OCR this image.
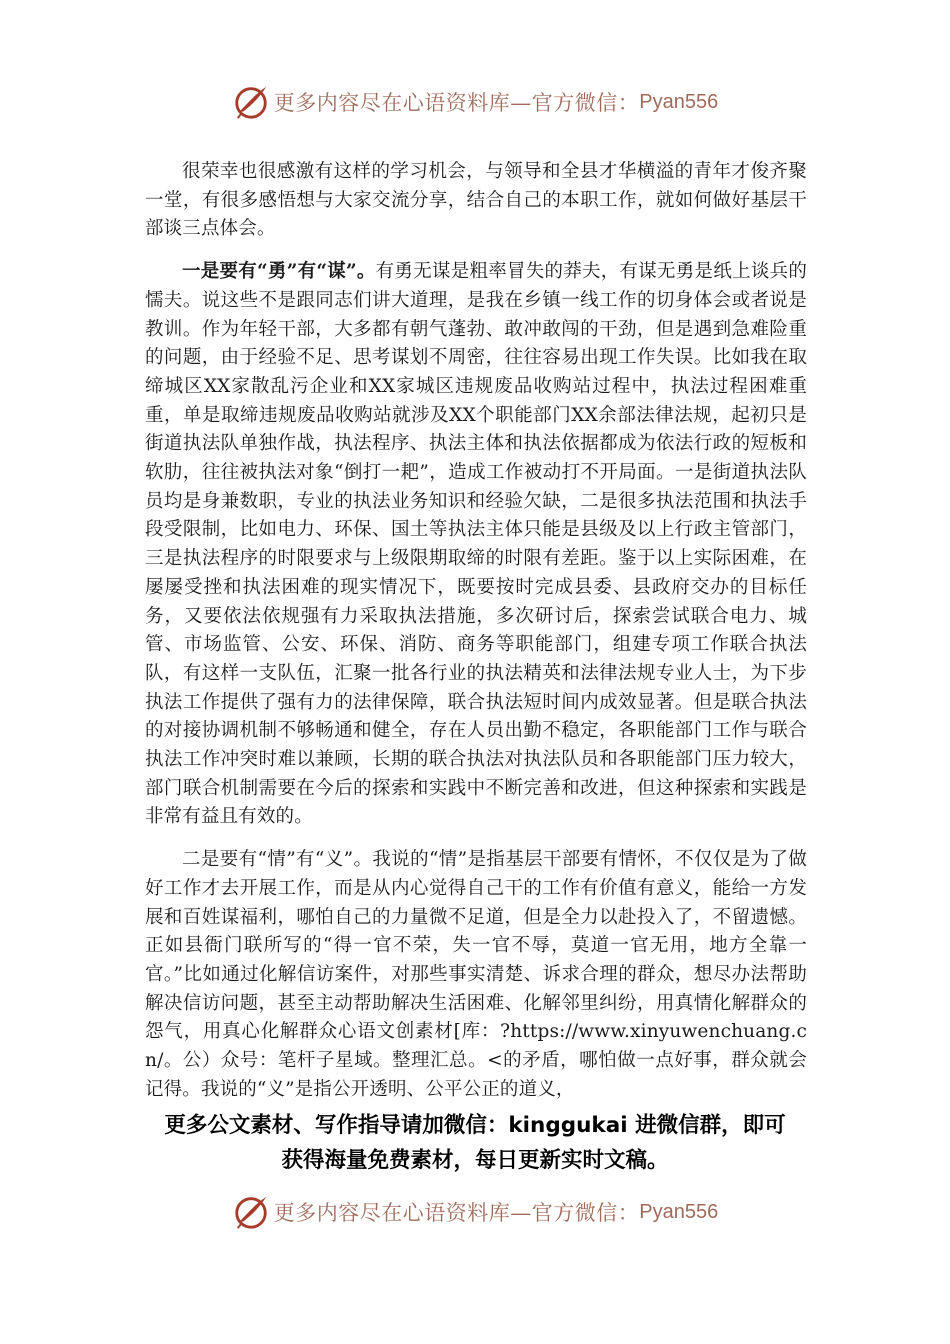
更多内容尽在心语资料库—官方微信： Pyan556

很荣幸也很感激有这样的学习机会，与领导和全县才华横溢的青年才俊齐聚一堂，有很多感悟想与大家交流分享，结合自己的本职工作，就如何做好基层干部谈三点体会。

一是要有“勇”有“谋”。有勇无谋是粗率冒失的莽夫，有谋无勇是纸上谈兵的懦夫。说这些不是跟同志们讲大道理，是我在乡镇一线工作的切身体会或者说是教训。作为年轻干部，大多都有朝气蓬勃、敢冲敢闯的干劲，但是遇到急难险重的问题，由于经验不足、思考谋划不周密，往往容易出现工作失误。比如我在取缔城区XX家散乱污企业和XX家城区违规废品收购站过程中，执法过程困难重重，单是取缔违规废品收购站就涉及XX个职能部门XX余部法律法规，起初只是街道执法队单独作战，执法程序、执法主体和执法依据都成为依法行政的短板和软肋，往往被执法对象“倒打一耙”，造成工作被动打不开局面。一是街道执法队员均是身兼数职，专业的执法业务知识和经验欠缺，二是很多执法范围和执法手段受限制，比如电力、环保、国土等执法主体只能是县级及以上行政主管部门，三是执法程序的时限要求与上级限期取缔的时限有差距。鉴于以上实际困难，在屡屡受挫和执法困难的现实情况下，既要按时完成县委、县政府交办的目标任务，又要依法依规强有力采取执法措施，多次研讨后，探索尝试联合电力、城管、市场监管、公安、环保、消防、商务等职能部门，组建专项工作联合执法队，有这样一支队伍，汇聚一批各行业的执法精英和法律法规专业人士，为下步执法工作提供了强有力的法律保障，联合执法短时间内成效显著。但是联合执法的对接协调机制不够畅通和健全，存在人员出勤不稳定，各职能部门工作与联合执法工作冲突时难以兼顾，长期的联合执法对执法队员和各职能部门压力较大，部门联合机制需要在今后的探索和实践中不断完善和改进，但这种探索和实践是非常有益且有效的。

二是要有“情”有“义”。我说的“情”是指基层干部要有情怀，不仅仅是为了做好工作才去开展工作，而是从内心觉得自己干的工作有价值有意义，能给一方发展和百姓谋福利，哪怕自己的力量微不足道，但是全力以赴投入了，不留遗憾。正如县衙门联所写的“得一官不荣，失一官不辱，莫道一官无用，地方全靠一官。”比如通过化解信访案件，对那些事实清楚、诉求合理的群众，想尽办法帮助解决信访问题，甚至主动帮助解决生活困难、化解邻里纠纷，用真情化解群众的怨气，用真心化解群众心语文创素材[库：?https://www.xinyuwenchuang.cn/。公）众号：笔杆子星域。整理汇总。<的矛盾，哪怕做一点好事，群众就会记得。我说的“义”是指公开透明、公平公正的道义，

更多公文素材、写作指导请加微信：kinggukai 进微信群，即可
获得海量免费素材，每日更新实时文稿。
更多内容尽在心语资料库—官方微信： Pyan556
